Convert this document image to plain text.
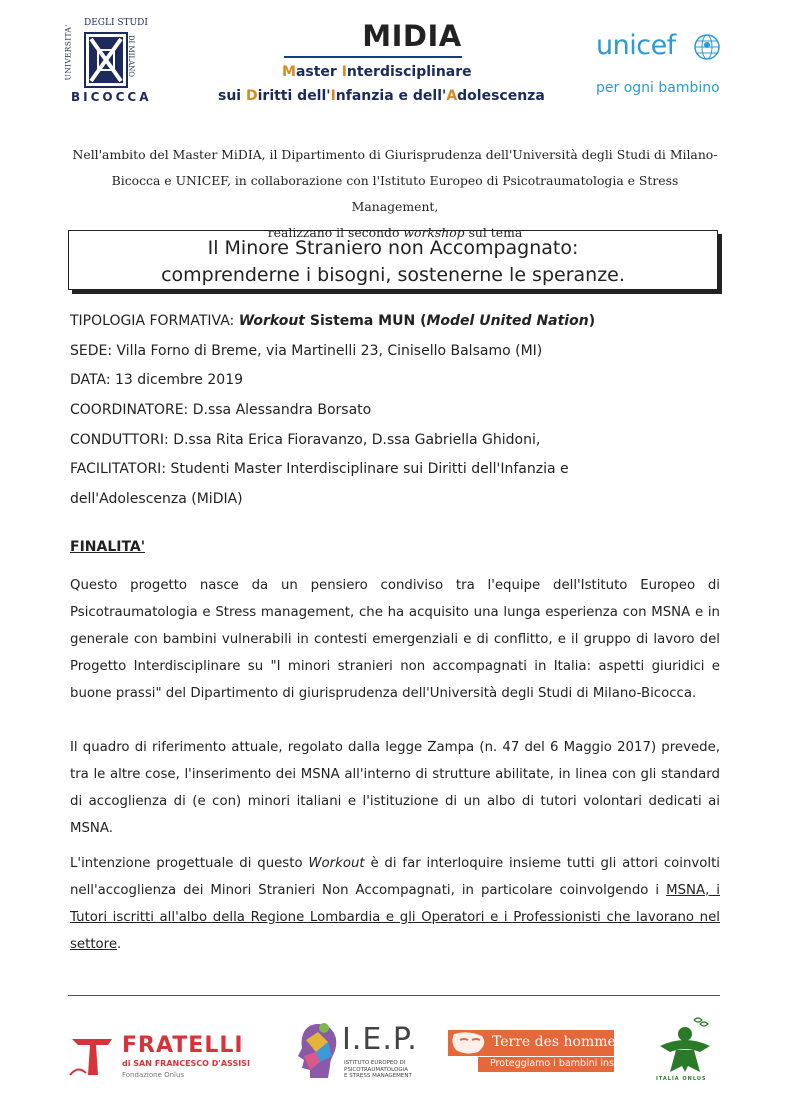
UNIVERSITA'
DEGLI STUDI
DI MILANO
BICOCCA
MIDIA
Master Interdisciplinare
sui Diritti dell'Infanzia e dell'Adolescenza
unicef
per ogni bambino

Nell'ambito del Master MiDIA, il Dipartimento di Giurisprudenza dell'Università degli Studi di Milano-

Bicocca e UNICEF, in collaborazione con l'Istituto Europeo di Psicotraumatologia e Stress Management,

realizzano il secondo workshop sul tema

Il Minore Straniero non Accompagnato:
comprenderne i bisogni, sostenerne le speranze.
TIPOLOGIA FORMATIVA: Workout Sistema MUN (Model United Nation)
SEDE: Villa Forno di Breme, via Martinelli 23, Cinisello Balsamo (MI)
DATA: 13 dicembre 2019
COORDINATORE: D.ssa Alessandra Borsato
CONDUTTORI: D.ssa Rita Erica Fioravanzo, D.ssa Gabriella Ghidoni,
FACILITATORI: Studenti Master Interdisciplinare sui Diritti dell'Infanzia e
dell'Adolescenza (MiDIA)
FINALITA'

Questo progetto nasce da un pensiero condiviso tra l'equipe dell'Istituto Europeo di Psicotraumatologia e Stress management, che ha acquisito una lunga esperienza con MSNA e in generale con bambini vulnerabili in contesti emergenziali e di conflitto, e il gruppo di lavoro del Progetto Interdisciplinare su "I minori stranieri non accompagnati in Italia: aspetti giuridici e buone prassi" del Dipartimento di giurisprudenza dell'Università degli Studi di Milano-Bicocca.

Il quadro di riferimento attuale, regolato dalla legge Zampa (n. 47 del 6 Maggio 2017) prevede, tra le altre cose, l'inserimento dei MSNA all'interno di strutture abilitate, in linea con gli standard di accoglienza di (e con) minori italiani e l'istituzione di un albo di tutori volontari dedicati ai MSNA.

L'intenzione progettuale di questo Workout è di far interloquire insieme tutti gli attori coinvolti nell'accoglienza dei Minori Stranieri Non Accompagnati, in particolare coinvolgendo i MSNA, i Tutori iscritti all'albo della Regione Lombardia e gli Operatori e i Professionisti che lavorano nel settore.

FRATELLI
di SAN FRANCESCO D'ASSISI
Fondazione Onlus
I.E.P.
ISTITUTO EUROPEO DI
PSICOTRAUMATOLOGIA
E STRESS MANAGEMENT
Terre des hommes
Proteggiamo i bambini insieme
ITALIA ONLUS
